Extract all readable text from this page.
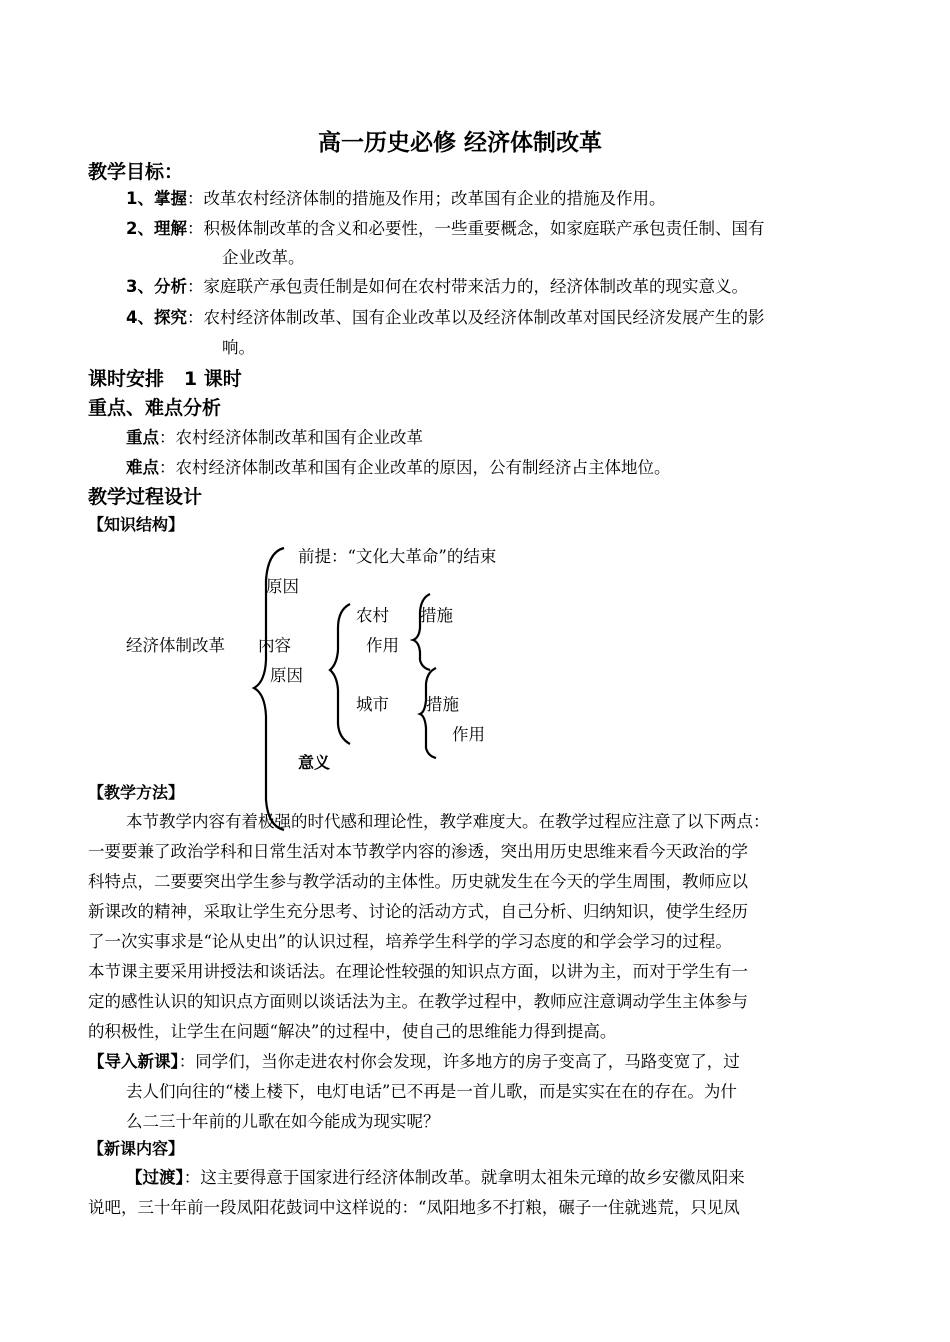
高一历史必修 经济体制改革
教学目标：
1、掌握：改革农村经济体制的措施及作用；改革国有企业的措施及作用。
2、理解：积极体制改革的含义和必要性，一些重要概念，如家庭联产承包责任制、国有
企业改革。
3、分析：家庭联产承包责任制是如何在农村带来活力的，经济体制改革的现实意义。
4、探究：农村经济体制改革、国有企业改革以及经济体制改革对国民经济发展产生的影
响。
课时安排 1 课时
重点、难点分析
重点：农村经济体制改革和国有企业改革
难点：农村经济体制改革和国有企业改革的原因，公有制经济占主体地位。
教学过程设计
【知识结构】
前提：“文化大革命”的结束
原因
农村 措施
经济体制改革 内容	作用
原因
城市 措施
作用
意义
【教学方法】
本节教学内容有着极强的时代感和理论性，教学难度大。在教学过程应注意了以下两点：
一要要兼了政治学科和日常生活对本节教学内容的渗透，突出用历史思维来看今天政治的学
科特点，二要要突出学生参与教学活动的主体性。历史就发生在今天的学生周围，教师应以
新课改的精神，采取让学生充分思考、讨论的活动方式，自己分析、归纳知识，使学生经历
了一次实事求是“论从史出”的认识过程，培养学生科学的学习态度的和学会学习的过程。
本节课主要采用讲授法和谈话法。在理论性较强的知识点方面，以讲为主，而对于学生有一
定的感性认识的知识点方面则以谈话法为主。在教学过程中，教师应注意调动学生主体参与
的积极性，让学生在问题“解决”的过程中，使自己的思维能力得到提高。
【导入新课】：同学们，当你走进农村你会发现，许多地方的房子变高了，马路变宽了，过
去人们向往的“楼上楼下，电灯电话”已不再是一首儿歌，而是实实在在的存在。为什
么二三十年前的儿歌在如今能成为现实呢？
【新课内容】
【过渡】：这主要得意于国家进行经济体制改革。就拿明太祖朱元璋的故乡安徽凤阳来
说吧，三十年前一段凤阳花鼓词中这样说的：“凤阳地多不打粮，碾子一住就逃荒，只见凤
